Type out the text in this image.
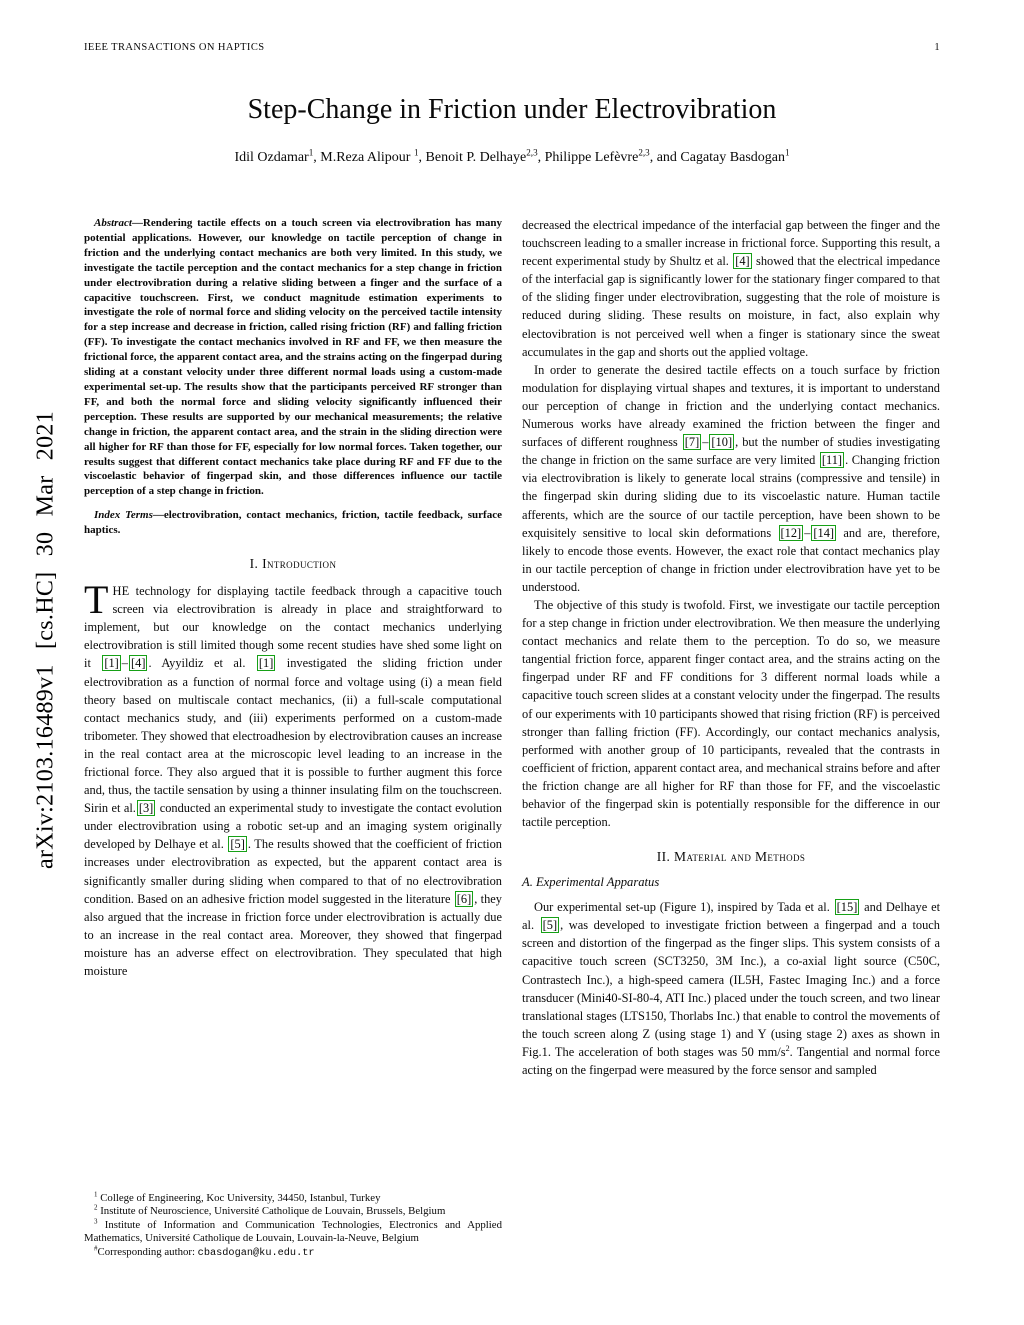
IEEE TRANSACTIONS ON HAPTICS	1
arXiv:2103.16489v1 [cs.HC] 30 Mar 2021
Step-Change in Friction under Electrovibration
Idil Ozdamar$^1$, M.Reza Alipour $^1$, Benoit P. Delhaye$^{2,3}$, Philippe Lefèvre$^{2,3}$, and Cagatay Basdogan$^1$

Abstract—Rendering tactile effects on a touch screen via electrovibration has many potential applications. However, our knowledge on tactile perception of change in friction and the underlying contact mechanics are both very limited. In this study, we investigate the tactile perception and the contact mechanics for a step change in friction under electrovibration during a relative sliding between a finger and the surface of a capacitive touchscreen. First, we conduct magnitude estimation experiments to investigate the role of normal force and sliding velocity on the perceived tactile intensity for a step increase and decrease in friction, called rising friction (RF) and falling friction (FF). To investigate the contact mechanics involved in RF and FF, we then measure the frictional force, the apparent contact area, and the strains acting on the fingerpad during sliding at a constant velocity under three different normal loads using a custom-made experimental set-up. The results show that the participants perceived RF stronger than FF, and both the normal force and sliding velocity significantly influenced their perception. These results are supported by our mechanical measurements; the relative change in friction, the apparent contact area, and the strain in the sliding direction were all higher for RF than those for FF, especially for low normal forces. Taken together, our results suggest that different contact mechanics take place during RF and FF due to the viscoelastic behavior of fingerpad skin, and those differences influence our tactile perception of a step change in friction.

Index Terms—electrovibration, contact mechanics, friction, tactile feedback, surface haptics.

I. Introduction

THE technology for displaying tactile feedback through a capacitive touch screen via electrovibration is already in place and straightforward to implement, but our knowledge on the contact mechanics underlying electrovibration is still limited though some recent studies have shed some light on it [1] – [4] . Ayyildiz et al. [1] investigated the sliding friction under electrovibration as a function of normal force and voltage using (i) a mean field theory based on multiscale contact mechanics, (ii) a full-scale computational contact mechanics study, and (iii) experiments performed on a custom-made tribometer. They showed that electroadhesion by electrovibration causes an increase in the real contact area at the microscopic level leading to an increase in the frictional force. They also argued that it is possible to further augment this force and, thus, the tactile sensation by using a thinner insulating film on the touchscreen. Sirin et al. [3] conducted an experimental study to investigate the contact evolution under electrovibration using a robotic set-up and an imaging system originally developed by Delhaye et al. [5] . The results showed that the coefficient of friction increases under electrovibration as expected, but the apparent contact area is significantly smaller during sliding when compared to that of no electrovibration condition. Based on an adhesive friction model suggested in the literature [6] , they also argued that the increase in friction force under electrovibration is actually due to an increase in the real contact area. Moreover, they showed that fingerpad moisture has an adverse effect on electrovibration. They speculated that high moisture

$^1$ College of Engineering, Koc University, 34450, Istanbul, Turkey

$^2$ Institute of Neuroscience, Université Catholique de Louvain, Brussels, Belgium

$^3$ Institute of Information and Communication Technologies, Electronics and Applied Mathematics, Université Catholique de Louvain, Louvain-la-Neuve, Belgium

#Corresponding author: cbasdogan@ku.edu.tr

decreased the electrical impedance of the interfacial gap between the finger and the touchscreen leading to a smaller increase in frictional force. Supporting this result, a recent experimental study by Shultz et al. [4] showed that the electrical impedance of the interfacial gap is significantly lower for the stationary finger compared to that of the sliding finger under electrovibration, suggesting that the role of moisture is reduced during sliding. These results on moisture, in fact, also explain why electovibration is not perceived well when a finger is stationary since the sweat accumulates in the gap and shorts out the applied voltage.

In order to generate the desired tactile effects on a touch surface by friction modulation for displaying virtual shapes and textures, it is important to understand our perception of change in friction and the underlying contact mechanics. Numerous works have already examined the friction between the finger and surfaces of different roughness [7] – [10] , but the number of studies investigating the change in friction on the same surface are very limited [11] . Changing friction via electrovibration is likely to generate local strains (compressive and tensile) in the fingerpad skin during sliding due to its viscoelastic nature. Human tactile afferents, which are the source of our tactile perception, have been shown to be exquisitely sensitive to local skin deformations [12] – [14] and are, therefore, likely to encode those events. However, the exact role that contact mechanics play in our tactile perception of change in friction under electrovibration have yet to be understood.

The objective of this study is twofold. First, we investigate our tactile perception for a step change in friction under electrovibration. We then measure the underlying contact mechanics and relate them to the perception. To do so, we measure tangential friction force, apparent finger contact area, and the strains acting on the fingerpad under RF and FF conditions for 3 different normal loads while a capacitive touch screen slides at a constant velocity under the fingerpad. The results of our experiments with 10 participants showed that rising friction (RF) is perceived stronger than falling friction (FF). Accordingly, our contact mechanics analysis, performed with another group of 10 participants, revealed that the contrasts in coefficient of friction, apparent contact area, and mechanical strains before and after the friction change are all higher for RF than those for FF, and the viscoelastic behavior of the fingerpad skin is potentially responsible for the difference in our tactile perception.

II. Material and Methods
A. Experimental Apparatus

Our experimental set-up (Figure 1), inspired by Tada et al. [15] and Delhaye et al. [5] , was developed to investigate friction between a fingerpad and a touch screen and distortion of the fingerpad as the finger slips. This system consists of a capacitive touch screen (SCT3250, 3M Inc.), a co-axial light source (C50C, Contrastech Inc.), a high-speed camera (IL5H, Fastec Imaging Inc.) and a force transducer (Mini40-SI-80-4, ATI Inc.) placed under the touch screen, and two linear translational stages (LTS150, Thorlabs Inc.) that enable to control the movements of the touch screen along Z (using stage 1) and Y (using stage 2) axes as shown in Fig.1. The acceleration of both stages was 50 $mm/s^2$. Tangential and normal force acting on the fingerpad were measured by the force sensor and sampled
